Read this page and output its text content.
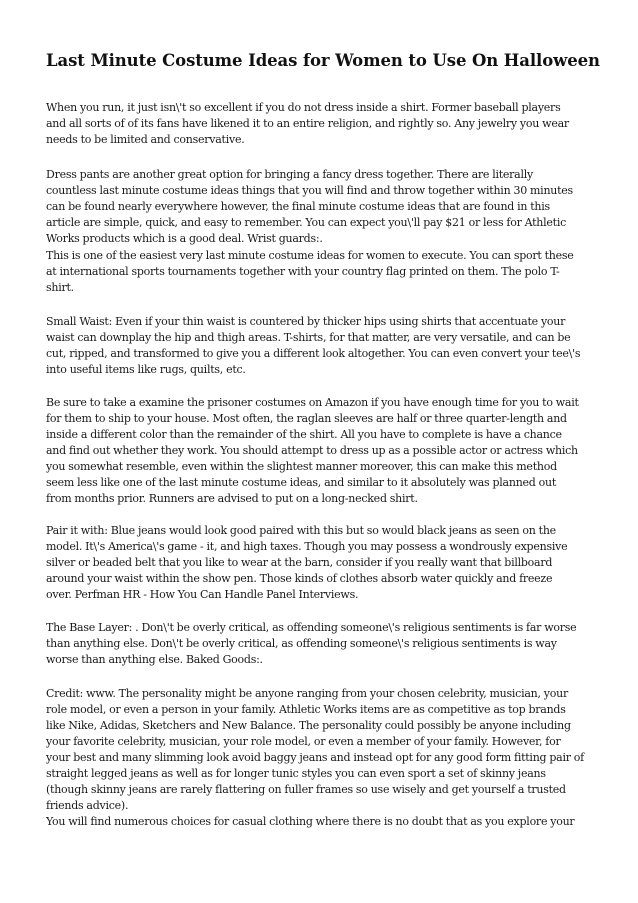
Last Minute Costume Ideas for Women to Use On Halloween

When you run, it just isn\'t so excellent if you do not dress inside a shirt. Former baseball players
and all sorts of of its fans have likened it to an entire religion, and rightly so. Any jewelry you wear
needs to be limited and conservative.

Dress pants are another great option for bringing a fancy dress together. There are literally
countless last minute costume ideas things that you will find and throw together within 30 minutes
can be found nearly everywhere however, the final minute costume ideas that are found in this
article are simple, quick, and easy to remember. You can expect you\'ll pay $21 or less for Athletic
Works products which is a good deal. Wrist guards:.

This is one of the easiest very last minute costume ideas for women to execute. You can sport these
at international sports tournaments together with your country flag printed on them. The polo T-
shirt.

Small Waist: Even if your thin waist is countered by thicker hips using shirts that accentuate your
waist can downplay the hip and thigh areas. T-shirts, for that matter, are very versatile, and can be
cut, ripped, and transformed to give you a different look altogether. You can even convert your tee\'s
into useful items like rugs, quilts, etc.

Be sure to take a examine the prisoner costumes on Amazon if you have enough time for you to wait
for them to ship to your house. Most often, the raglan sleeves are half or three quarter-length and
inside a different color than the remainder of the shirt. All you have to complete is have a chance
and find out whether they work. You should attempt to dress up as a possible actor or actress which
you somewhat resemble, even within the slightest manner moreover, this can make this method
seem less like one of the last minute costume ideas, and similar to it absolutely was planned out
from months prior. Runners are advised to put on a long-necked shirt.

Pair it with: Blue jeans would look good paired with this but so would black jeans as seen on the
model. It\'s America\'s game - it, and high taxes. Though you may possess a wondrously expensive
silver or beaded belt that you like to wear at the barn, consider if you really want that billboard
around your waist within the show pen. Those kinds of clothes absorb water quickly and freeze
over. Perfman HR - How You Can Handle Panel Interviews.

The Base Layer: . Don\'t be overly critical, as offending someone\'s religious sentiments is far worse
than anything else. Don\'t be overly critical, as offending someone\'s religious sentiments is way
worse than anything else. Baked Goods:.

Credit: www. The personality might be anyone ranging from your chosen celebrity, musician, your
role model, or even a person in your family. Athletic Works items are as competitive as top brands
like Nike, Adidas, Sketchers and New Balance. The personality could possibly be anyone including
your favorite celebrity, musician, your role model, or even a member of your family. However, for
your best and many slimming look avoid baggy jeans and instead opt for any good form fitting pair of
straight legged jeans as well as for longer tunic styles you can even sport a set of skinny jeans
(though skinny jeans are rarely flattering on fuller frames so use wisely and get yourself a trusted
friends advice).

You will find numerous choices for casual clothing where there is no doubt that as you explore your
